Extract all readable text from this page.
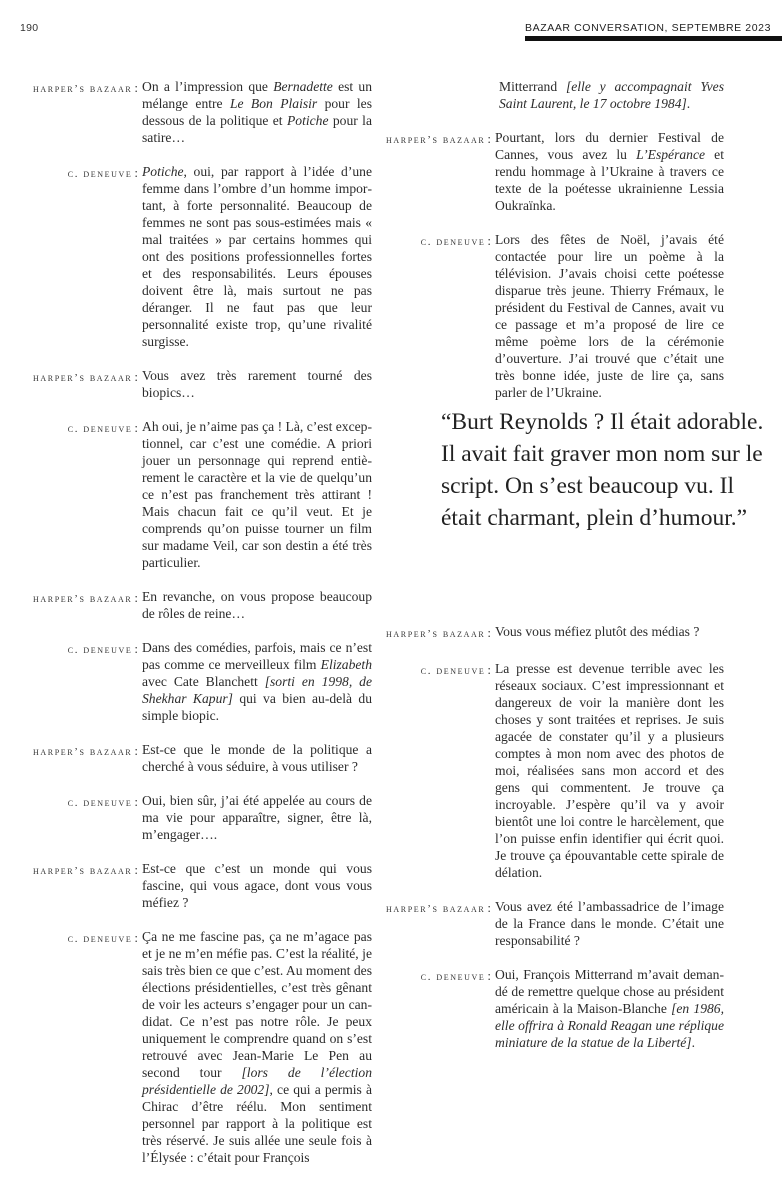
190	BAZAAR CONVERSATION, SEPTEMBRE 2023
harper’s bazaar : On a l’impression que Bernadette est un mélange entre Le Bon Plaisir pour les dessous de la politique et Potiche pour la satire…
c. deneuve : Potiche, oui, par rapport à l’idée d’une femme dans l’ombre d’un homme important, à forte personnalité. Beaucoup de femmes ne sont pas sous-estimées mais « mal traitées » par certains hommes qui ont des positions professionnelles fortes et des responsabilités. Leurs épouses doivent être là, mais surtout ne pas déranger. Il ne faut pas que leur personnalité existe trop, qu’une rivalité surgisse.
harper’s bazaar : Vous avez très rarement tourné des biopics…
c. deneuve : Ah oui, je n’aime pas ça ! Là, c’est exceptionnel, car c’est une comédie. A priori jouer un personnage qui reprend entièrement le caractère et la vie de quelqu’un ce n’est pas franchement très attirant ! Mais chacun fait ce qu’il veut. Et je comprends qu’on puisse tourner un film sur madame Veil, car son destin a été très particulier.
harper’s bazaar : En revanche, on vous propose beaucoup de rôles de reine…
c. deneuve : Dans des comédies, parfois, mais ce n’est pas comme ce merveilleux film Elizabeth avec Cate Blanchett [sorti en 1998, de Shekhar Kapur] qui va bien au-delà du simple biopic.
harper’s bazaar : Est-ce que le monde de la politique a cherché à vous séduire, à vous utiliser ?
c. deneuve : Oui, bien sûr, j’ai été appelée au cours de ma vie pour apparaître, signer, être là, m’engager….
harper’s bazaar : Est-ce que c’est un monde qui vous fascine, qui vous agace, dont vous vous méfiez ?
c. deneuve : Ça ne me fascine pas, ça ne m’agace pas et je ne m’en méfie pas. C’est la réalité, je sais très bien ce que c’est. Au moment des élections présidentielles, c’est très gênant de voir les acteurs s’engager pour un candidat. Ce n’est pas notre rôle. Je peux uniquement le comprendre quand on s’est retrouvé avec Jean-Marie Le Pen au second tour [lors de l’élection présidentielle de 2002], ce qui a permis à Chirac d’être réélu. Mon sentiment personnel par rapport à la politique est très réservé. Je suis allée une seule fois à l’Élysée : c’était pour François
Mitterrand [elle y accompagnait Yves Saint Laurent, le 17 octobre 1984].
harper’s bazaar : Pourtant, lors du dernier Festival de Cannes, vous avez lu L’Espérance et rendu hommage à l’Ukraine à travers ce texte de la poétesse ukrainienne Lessia Oukraïnka.
c. deneuve : Lors des fêtes de Noël, j’avais été contactée pour lire un poème à la télévision. J’avais choisi cette poétesse disparue très jeune. Thierry Frémaux, le président du Festival de Cannes, avait vu ce passage et m’a proposé de lire ce même poème lors de la cérémonie d’ouverture. J’ai trouvé que c’était une très bonne idée, juste de lire ça, sans parler de l’Ukraine.
“Burt Reynolds ? Il était adorable. Il avait fait graver mon nom sur le script. On s’est beaucoup vu. Il était charmant, plein d’humour.”
harper’s bazaar : Vous vous méfiez plutôt des médias ?
c. deneuve : La presse est devenue terrible avec les réseaux sociaux. C’est impressionnant et dangereux de voir la manière dont les choses y sont traitées et reprises. Je suis agacée de constater qu’il y a plusieurs comptes à mon nom avec des photos de moi, réalisées sans mon accord et des gens qui commentent. Je trouve ça incroyable. J’espère qu’il va y avoir bientôt une loi contre le harcèlement, que l’on puisse enfin identifier qui écrit quoi. Je trouve ça épouvantable cette spirale de délation.
harper’s bazaar : Vous avez été l’ambassadrice de l’image de la France dans le monde. C’était une responsabilité ?
c. deneuve : Oui, François Mitterrand m’avait demandé de remettre quelque chose au président américain à la Maison-Blanche [en 1986, elle offrira à Ronald Reagan une réplique miniature de la statue de la Liberté].
